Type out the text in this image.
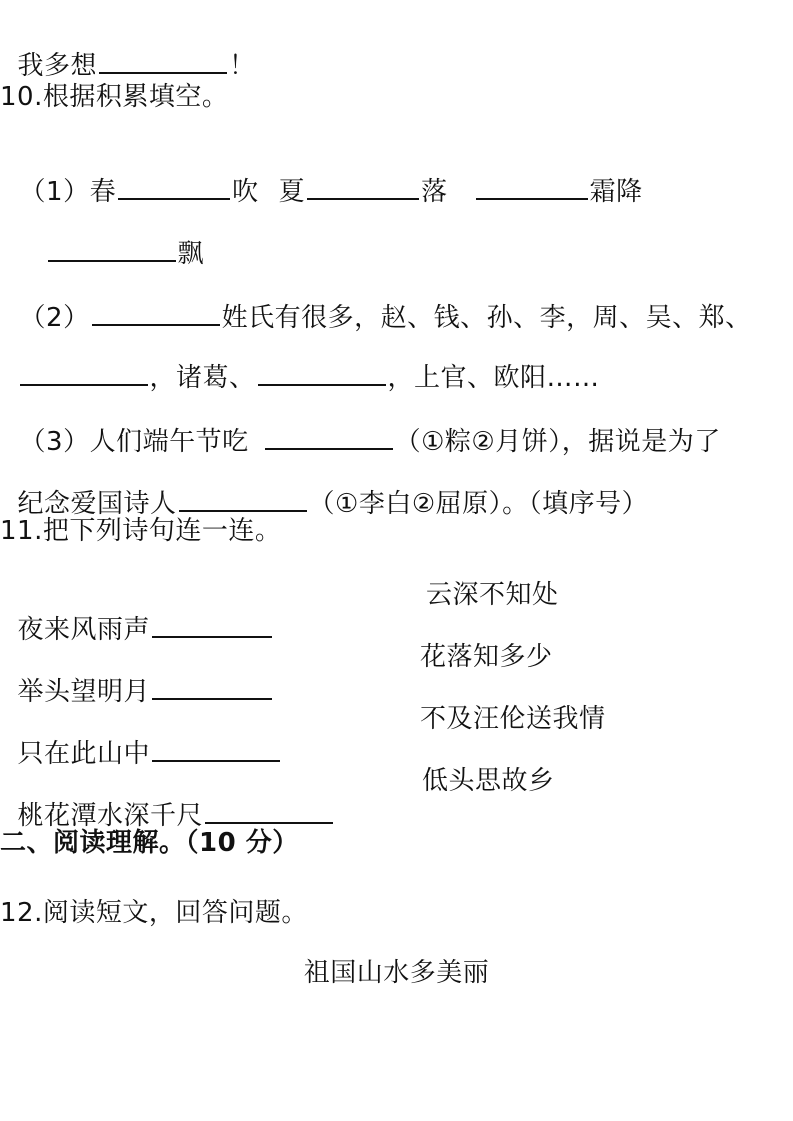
我多想	！

10.根据积累填空。

（1）春	吹 夏	落	霜降

飘

（2）	姓氏有很多，赵、钱、孙、李，周、吴、郑、

，诸葛、	，上官、欧阳……

（3）人们端午节吃	（①粽②月饼），据说是为了

纪念爱国诗人	（①李白②屈原）。（填序号）

11.把下列诗句连一连。

夜来风雨声

云深不知处

举头望明月

花落知多少

只在此山中

不及汪伦送我情

桃花潭水深千尺

低头思故乡
二、阅读理解。（10 分）
12.阅读短文，回答问题。
祖国山水多美丽
